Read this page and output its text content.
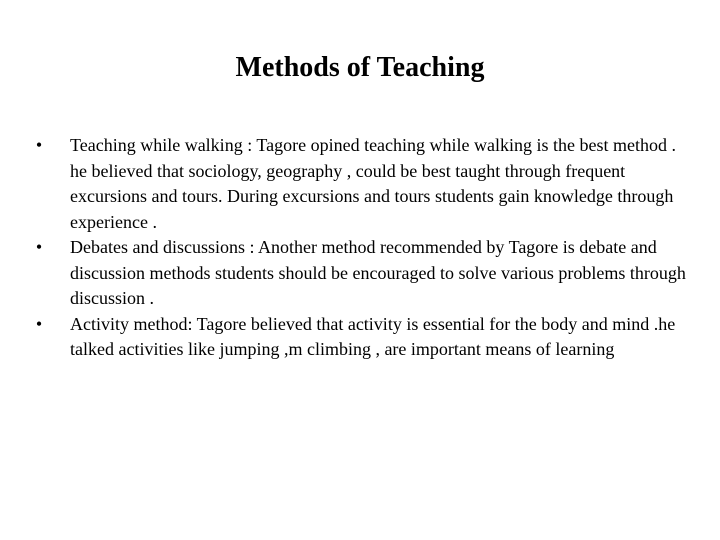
Methods of Teaching
•	Teaching while walking : Tagore opined teaching while walking is the best method . he believed that sociology, geography , could be best taught through frequent excursions and tours. During excursions and tours students gain knowledge through experience .
•	Debates and discussions : Another method recommended by Tagore is debate and discussion methods students should be encouraged to solve various problems through discussion .
•	Activity method: Tagore believed that activity is essential for the body and mind .he talked activities like jumping ,m climbing , are important means of learning
